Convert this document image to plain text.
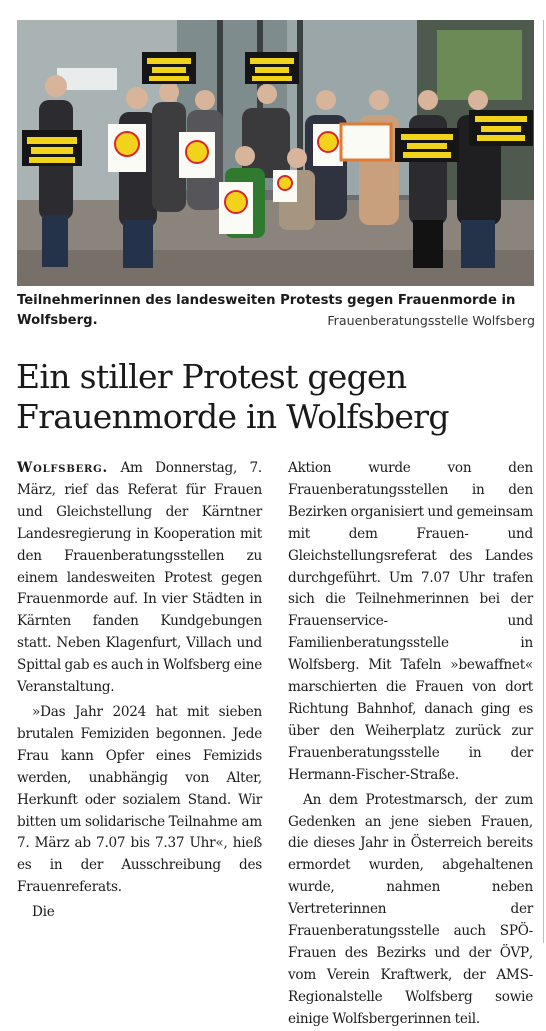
Teilnehmerinnen des landesweiten Protests gegen Frauenmorde in Wolfsberg.	Frauenberatungsstelle Wolfsberg
Ein stiller Protest gegen Frauenmorde in Wolfsberg

Wolfsberg. Am Donnerstag, 7. März, rief das Referat für Frauen und Gleichstellung der Kärntner Landesregierung in Kooperation mit den Frauenberatungsstellen zu einem landesweiten Protest gegen Frauenmorde auf. In vier Städten in Kärnten fanden Kundgebungen statt. Neben Klagenfurt, Villach und Spittal gab es auch in Wolfsberg eine Veranstaltung.

»Das Jahr 2024 hat mit sieben brutalen Femiziden begonnen. Jede Frau kann Opfer eines Femizids werden, unabhängig von Alter, Herkunft oder sozialem Stand. Wir bitten um solidarische Teilnahme am 7. März ab 7.07 bis 7.37 Uhr«, hieß es in der Ausschreibung des Frauenreferats.

Die

Aktion wurde von den Frauenberatungsstellen in den Bezirken organisiert und gemeinsam mit dem Frauen- und Gleichstellungsreferat des Landes durchgeführt. Um 7.07 Uhr trafen sich die Teilnehmerinnen bei der Frauenservice- und Familienberatungsstelle in Wolfsberg. Mit Tafeln »bewaffnet« marschierten die Frauen von dort Richtung Bahnhof, danach ging es über den Weiherplatz zurück zur Frauenberatungsstelle in der Hermann-Fischer-Straße.

An dem Protestmarsch, der zum Gedenken an jene sieben Frauen, die dieses Jahr in Österreich bereits ermordet wurden, abgehaltenen wurde, nahmen neben Vertreterinnen der Frauenberatungsstelle auch SPÖ-Frauen des Bezirks und der ÖVP, vom Verein Kraftwerk, der AMS-Regionalstelle Wolfsberg sowie einige Wolfsbergerinnen teil.
